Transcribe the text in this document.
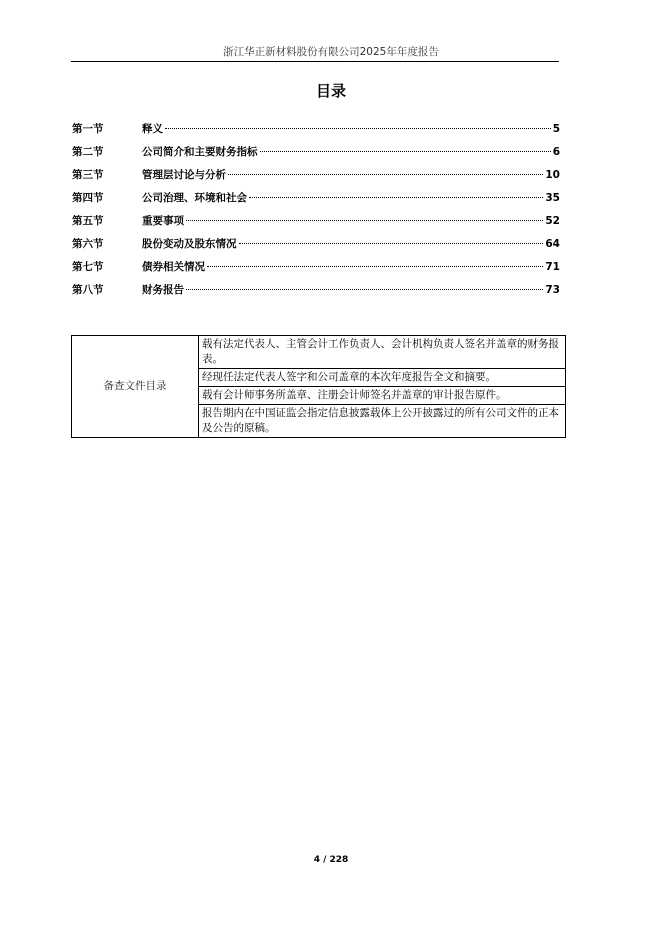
浙江华正新材料股份有限公司2025年年度报告
目录
第一节	释义	5
第二节	公司简介和主要财务指标	6
第三节	管理层讨论与分析	10
第四节	公司治理、环境和社会	35
第五节	重要事项	52
第六节	股份变动及股东情况	64
第七节	债券相关情况	71
第八节	财务报告	73
备查文件目录	载有法定代表人、主管会计工作负责人、会计机构负责人签名并盖章的财务报表。
经现任法定代表人签字和公司盖章的本次年度报告全文和摘要。
载有会计师事务所盖章、注册会计师签名并盖章的审计报告原件。
报告期内在中国证监会指定信息披露载体上公开披露过的所有公司文件的正本及公告的原稿。
4 / 228
